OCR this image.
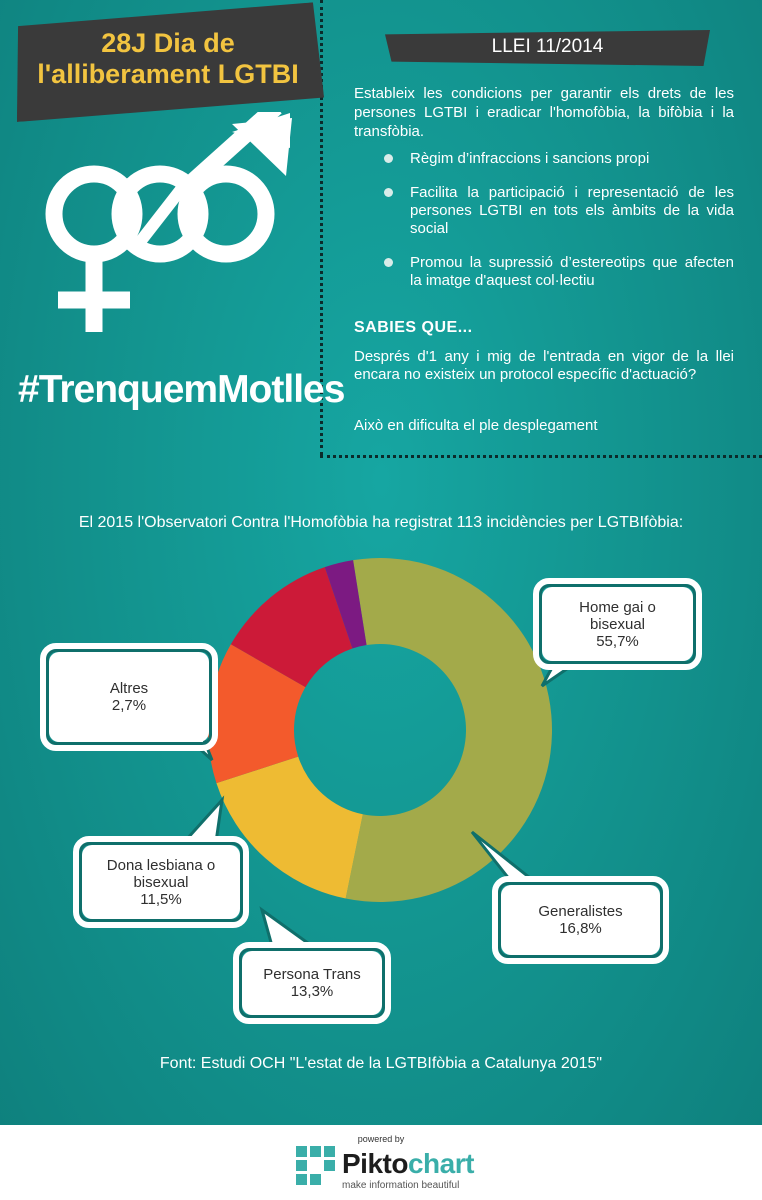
28J Dia de
l'alliberament LGTBI
#TrenquemMotlles
LLEI 11/2014
Estableix les condicions per garantir els drets de les persones LGTBI i eradicar l'homofòbia, la bifòbia i la transfòbia.
Règim d’infraccions i sancions propi
Facilita la participació i representació de les persones LGTBI en tots els àmbits de la vida social
Promou la supressió d’estereotips que afecten la imatge d'aquest col·lectiu
SABIES QUE...
Després d'1 any i mig de l'entrada en vigor de la llei encara no existeix un protocol específic d'actuació?
Això en dificulta el ple desplegament
El 2015 l'Observatori Contra l'Homofòbia ha registrat 113 incidències per LGTBIfòbia:
Font: Estudi OCH "L'estat de la LGTBIfòbia a Catalunya 2015"
powered by
Piktochart
make information beautiful
Home gai o
bisexual
55,7%
Generalistes
16,8%
Persona Trans
13,3%
Dona lesbiana o
bisexual
11,5%
Altres
2,7%
